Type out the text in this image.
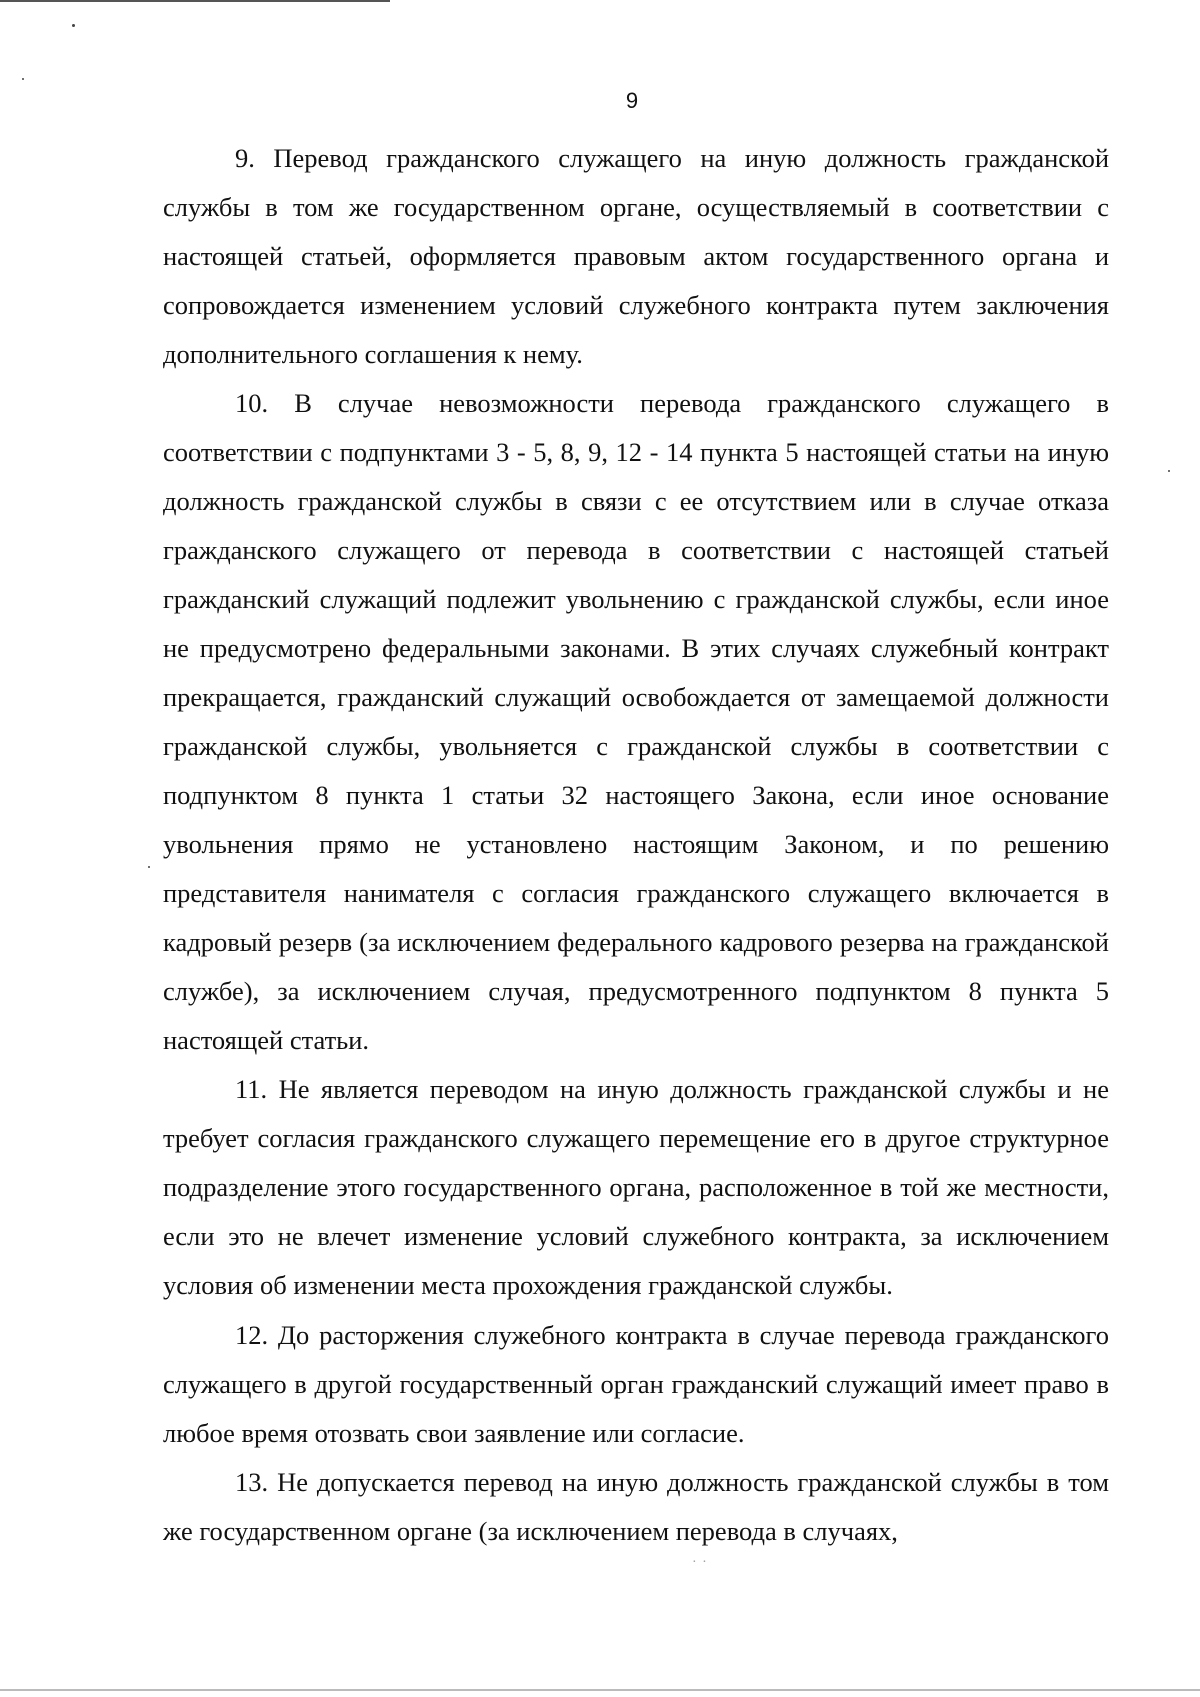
9

9. Перевод гражданского служащего на иную должность гражданской службы в том же государственном органе, осуществляемый в соответствии с настоящей статьей, оформляется правовым актом государственного органа и сопровождается изменением условий служебного контракта путем заключения дополнительного соглашения к нему.

10. В случае невозможности перевода гражданского служащего в соответствии с подпунктами 3 - 5, 8, 9, 12 - 14 пункта 5 настоящей статьи на иную должность гражданской службы в связи с ее отсутствием или в случае отказа гражданского служащего от перевода в соответствии с настоящей статьей гражданский служащий подлежит увольнению с гражданской службы, если иное не предусмотрено федеральными законами. В этих случаях служебный контракт прекращается, гражданский служащий освобождается от замещаемой должности гражданской службы, увольняется с гражданской службы в соответствии с подпунктом 8 пункта 1 статьи 32 настоящего Закона, если иное основание увольнения прямо не установлено настоящим Законом, и по решению представителя нанимателя с согласия гражданского служащего включается в кадровый резерв (за исключением федерального кадрового резерва на гражданской службе), за исключением случая, предусмотренного подпунктом 8 пункта 5 настоящей статьи.

11. Не является переводом на иную должность гражданской службы и не требует согласия гражданского служащего перемещение его в другое структурное подразделение этого государственного органа, расположенное в той же местности, если это не влечет изменение условий служебного контракта, за исключением условия об изменении места прохождения гражданской службы.

12. До расторжения служебного контракта в случае перевода гражданского служащего в другой государственный орган гражданский служащий имеет право в любое время отозвать свои заявление или согласие.

13. Не допускается перевод на иную должность гражданской службы в том же государственном органе (за исключением перевода в случаях,

· ·
